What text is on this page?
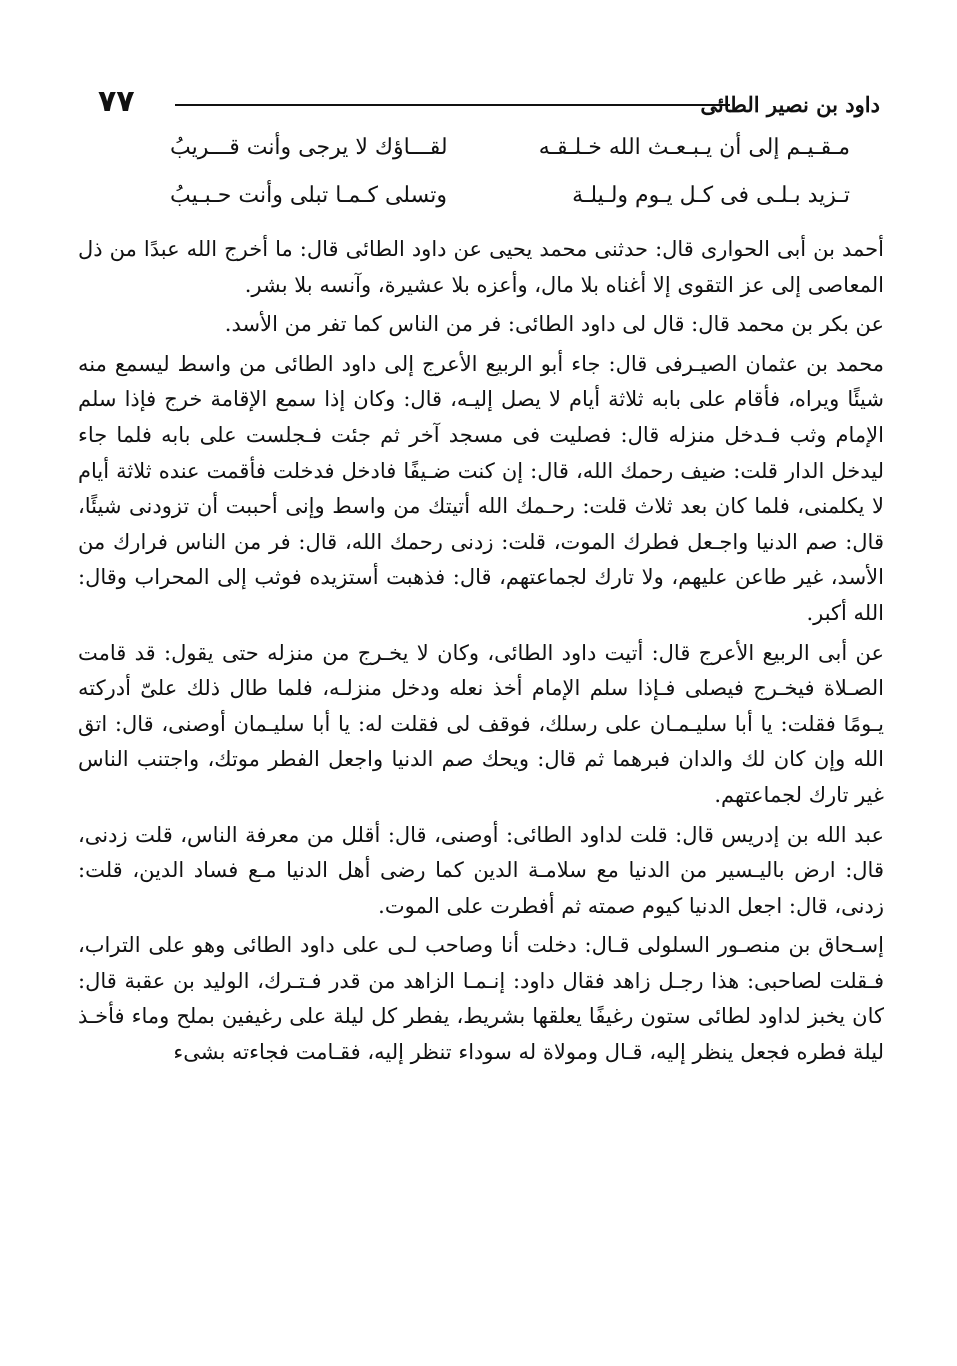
٧٧	داود بن نصير الطائى
مـقـيـم إلى أن يـبـعـث الله خـلـقـه
لقـــاؤك لا يرجى وأنت قـــريبُ
تـزيد بـلـى فى كـل يـوم ولـيلـة
وتسلى كـمـا تبلى وأنت حـبـيبُ

أحمد بن أبى الحوارى قال: حدثنى محمد يحيى عن داود الطائى قال: ما أخرج الله عبدًا من ذل المعاصى إلى عز التقوى إلا أغناه بلا مال، وأعزه بلا عشيرة، وآنسه بلا بشر.

عن بكر بن محمد قال: قال لى داود الطائى: فر من الناس كما تفر من الأسد.

محمد بن عثمان الصيـرفى قال: جاء أبو الربيع الأعرج إلى داود الطائى من واسط ليسمع منه شيئًا ويراه، فأقام على بابه ثلاثة أيام لا يصل إليـه، قال: وكان إذا سمع الإقامة خرج فإذا سلم الإمام وثب فـدخل منزله قال: فصليت فى مسجد آخر ثم جئت فـجلست على بابه فلما جاء ليدخل الدار قلت: ضيف رحمك الله، قال: إن كنت ضـيفًا فادخل فدخلت فأقمت عنده ثلاثة أيام لا يكلمنى، فلما كان بعد ثلاث قلت: رحـمك الله أتيتك من واسط وإنى أحببت أن تزودنى شيئًا، قال: صم الدنيا واجـعل فطرك الموت، قلت: زدنى رحمك الله، قال: فر من الناس فرارك من الأسد، غير طاعن عليهم، ولا تارك لجماعتهم، قال: فذهبت أستزيده فوثب إلى المحراب وقال: الله أكبر.

عن أبى الربيع الأعرج قال: أتيت داود الطائى، وكان لا يخـرج من منزله حتى يقول: قد قامت الصـلاة فيخـرج فيصلى فـإذا سلم الإمام أخذ نعله ودخل منزلـه، فلما طال ذلك علىّ أدركته يـومًا فقلت: يا أبا سليـمـان على رسلك، فوقف لى فقلت له: يا أبا سليـمان أوصنى، قال: اتق الله وإن كان لك والدان فبرهما ثم قال: ويحك صم الدنيا واجعل الفطر موتك، واجتنب الناس غير تارك لجماعتهم.

عبد الله بن إدريس قال: قلت لداود الطائى: أوصنى، قال: أقلل من معرفة الناس، قلت زدنى، قال: ارض باليـسير من الدنيا مع سلامـة الدين كما رضى أهل الدنيا مـع فساد الدين، قلت: زدنى، قال: اجعل الدنيا كيوم صمته ثم أفطرت على الموت.

إسـحاق بن منصـور السلولى قـال: دخلت أنا وصاحب لـى على داود الطائى وهو على التراب، فـقلت لصاحبى: هذا رجـل زاهد فقال داود: إنـمـا الزاهد من قدر فـتـرك، الوليد بن عقبة قال: كان يخبز لداود لطائى ستون رغيفًا يعلقها بشريط، يفطر كل ليلة على رغيفين بملح وماء فأخـذ ليلة فطره فجعل ينظر إليه، قـال ومولاة له سوداء تنظر إليه، فقـامت فجاءته بشىء
